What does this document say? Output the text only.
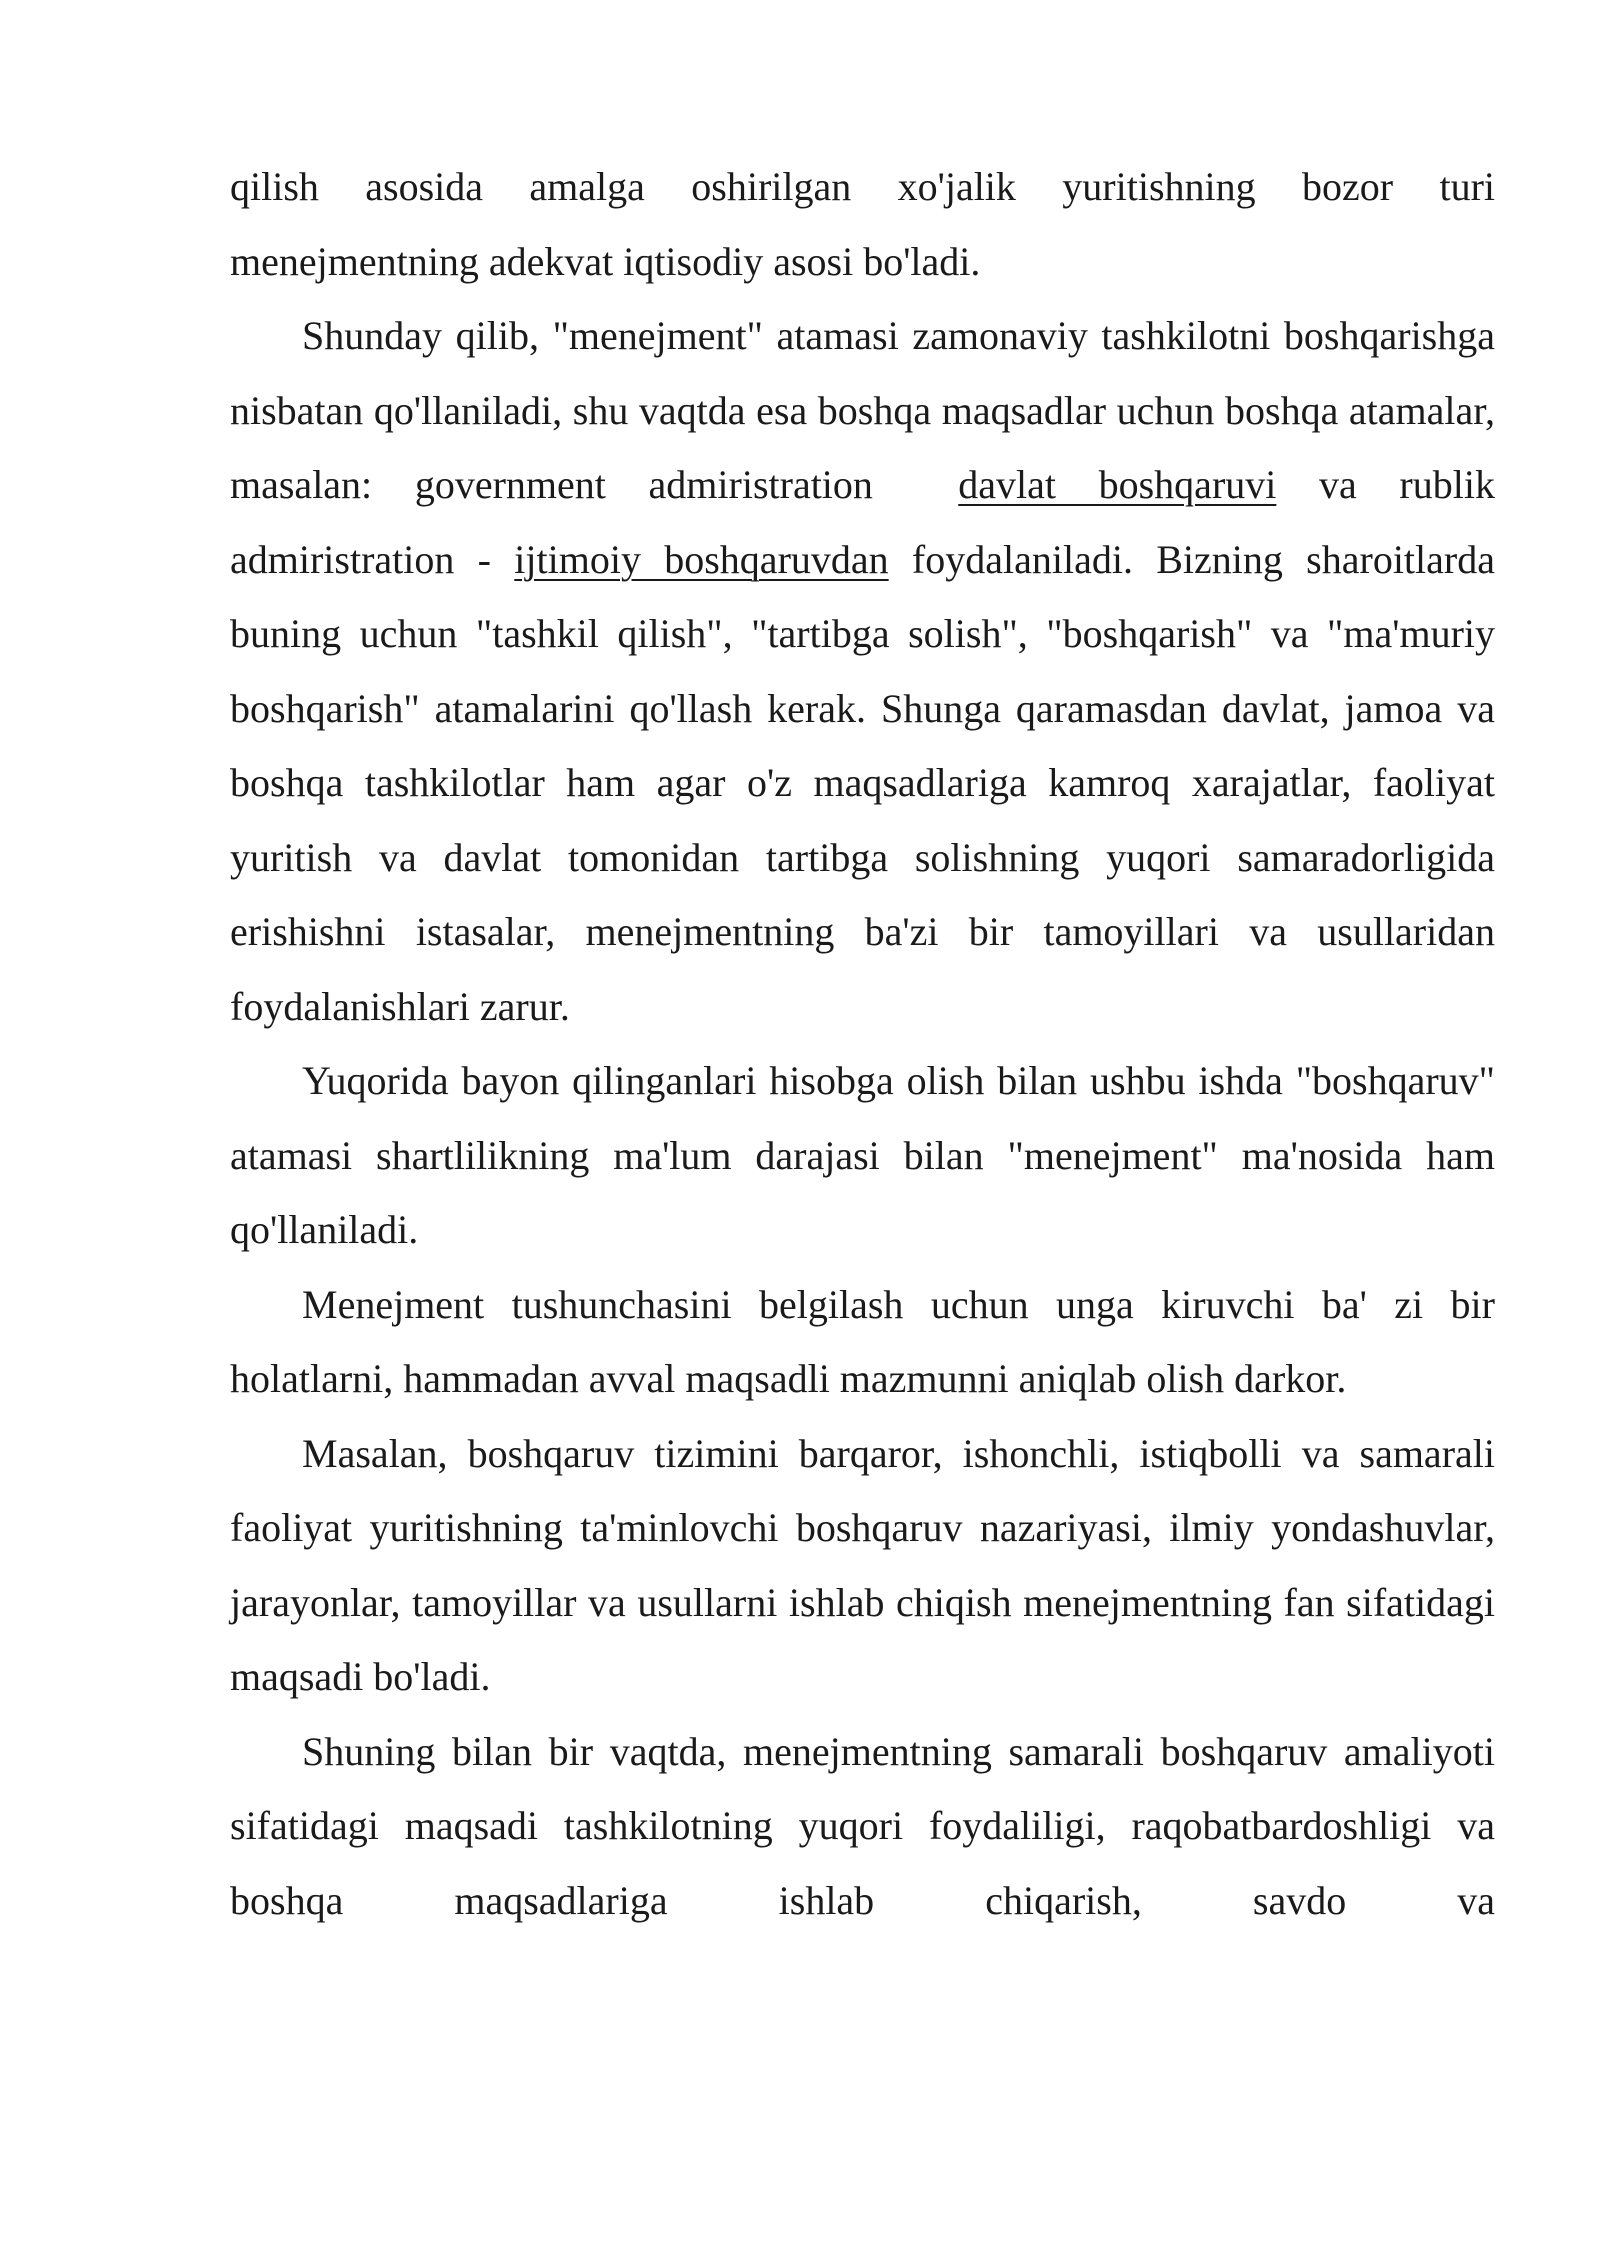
qilish asosida amalga oshirilgan xo'jalik yuritishning bozor turi menejmentning adekvat iqtisodiy asosi bo'ladi.

Shunday qilib, "menejment" atamasi zamonaviy tashkilotni boshqarishga nisbatan qo'llaniladi, shu vaqtda esa boshqa maqsadlar uchun boshqa atamalar, masalan: government admiristration davlat boshqaruvi va rublik admiristration - ijtimoiy boshqaruvdan foydalaniladi. Bizning sharoitlarda buning uchun "tashkil qilish", "tartibga solish", "boshqarish" va "ma'muriy boshqarish" atamalarini qo'llash kerak. Shunga qaramasdan davlat, jamoa va boshqa tashkilotlar ham agar o'z maqsadlariga kamroq xarajatlar, faoliyat yuritish va davlat tomonidan tartibga solishning yuqori samaradorligida erishishni istasalar, menejmentning ba'zi bir tamoyillari va usullaridan foydalanishlari zarur.

Yuqorida bayon qilinganlari hisobga olish bilan ushbu ishda "boshqaruv" atamasi shartlilikning ma'lum darajasi bilan "menejment" ma'nosida ham qo'llaniladi.

Menejment tushunchasini belgilash uchun unga kiruvchi ba' zi bir holatlarni, hammadan avval maqsadli mazmunni aniqlab olish darkor.

Masalan, boshqaruv tizimini barqaror, ishonchli, istiqbolli va samarali faoliyat yuritishning ta'minlovchi boshqaruv nazariyasi, ilmiy yondashuvlar, jarayonlar, tamoyillar va usullarni ishlab chiqish menejmentning fan sifatidagi maqsadi bo'ladi.

Shuning bilan bir vaqtda, menejmentning samarali boshqaruv amaliyoti sifatidagi maqsadi tashkilotning yuqori foydaliligi, raqobatbardoshligi va boshqa maqsadlariga ishlab chiqarish, savdo va
